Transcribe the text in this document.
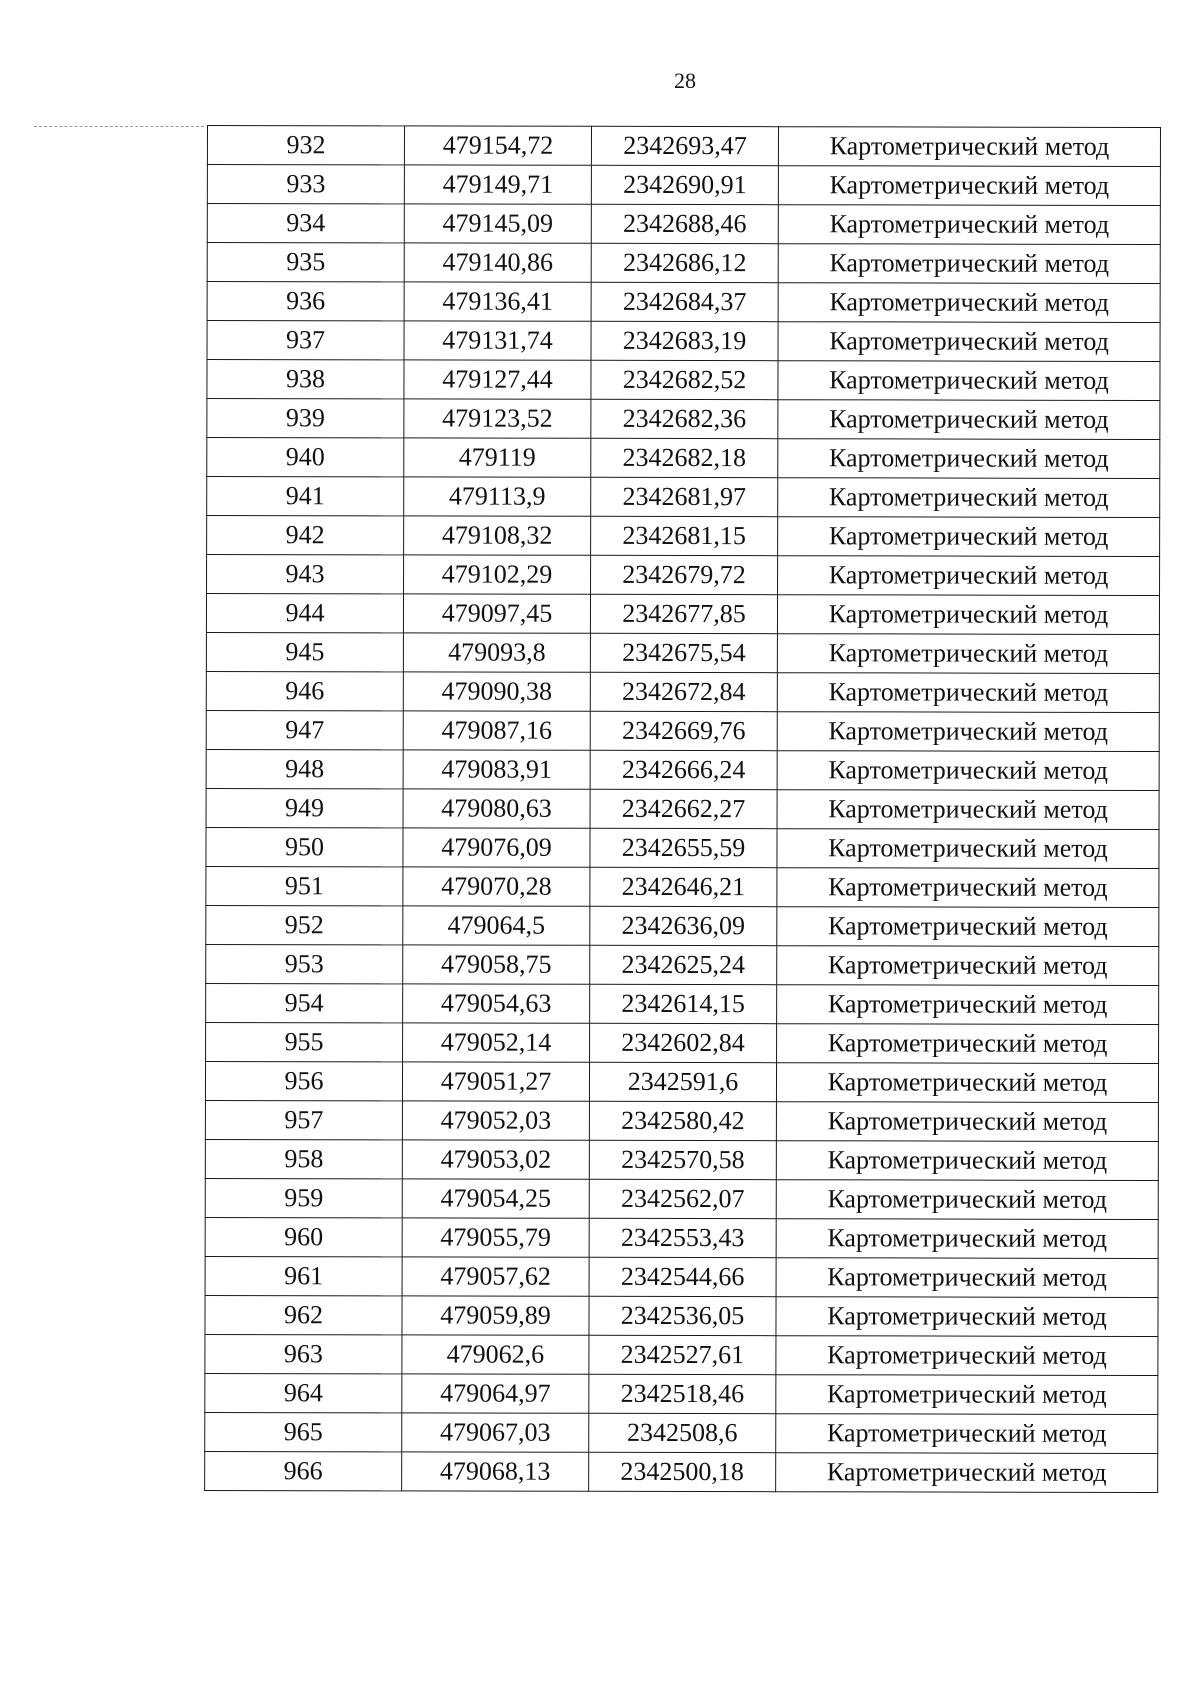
28
932	479154,72	2342693,47	Картометрический метод
933	479149,71	2342690,91	Картометрический метод
934	479145,09	2342688,46	Картометрический метод
935	479140,86	2342686,12	Картометрический метод
936	479136,41	2342684,37	Картометрический метод
937	479131,74	2342683,19	Картометрический метод
938	479127,44	2342682,52	Картометрический метод
939	479123,52	2342682,36	Картометрический метод
940	479119	2342682,18	Картометрический метод
941	479113,9	2342681,97	Картометрический метод
942	479108,32	2342681,15	Картометрический метод
943	479102,29	2342679,72	Картометрический метод
944	479097,45	2342677,85	Картометрический метод
945	479093,8	2342675,54	Картометрический метод
946	479090,38	2342672,84	Картометрический метод
947	479087,16	2342669,76	Картометрический метод
948	479083,91	2342666,24	Картометрический метод
949	479080,63	2342662,27	Картометрический метод
950	479076,09	2342655,59	Картометрический метод
951	479070,28	2342646,21	Картометрический метод
952	479064,5	2342636,09	Картометрический метод
953	479058,75	2342625,24	Картометрический метод
954	479054,63	2342614,15	Картометрический метод
955	479052,14	2342602,84	Картометрический метод
956	479051,27	2342591,6	Картометрический метод
957	479052,03	2342580,42	Картометрический метод
958	479053,02	2342570,58	Картометрический метод
959	479054,25	2342562,07	Картометрический метод
960	479055,79	2342553,43	Картометрический метод
961	479057,62	2342544,66	Картометрический метод
962	479059,89	2342536,05	Картометрический метод
963	479062,6	2342527,61	Картометрический метод
964	479064,97	2342518,46	Картометрический метод
965	479067,03	2342508,6	Картометрический метод
966	479068,13	2342500,18	Картометрический метод
